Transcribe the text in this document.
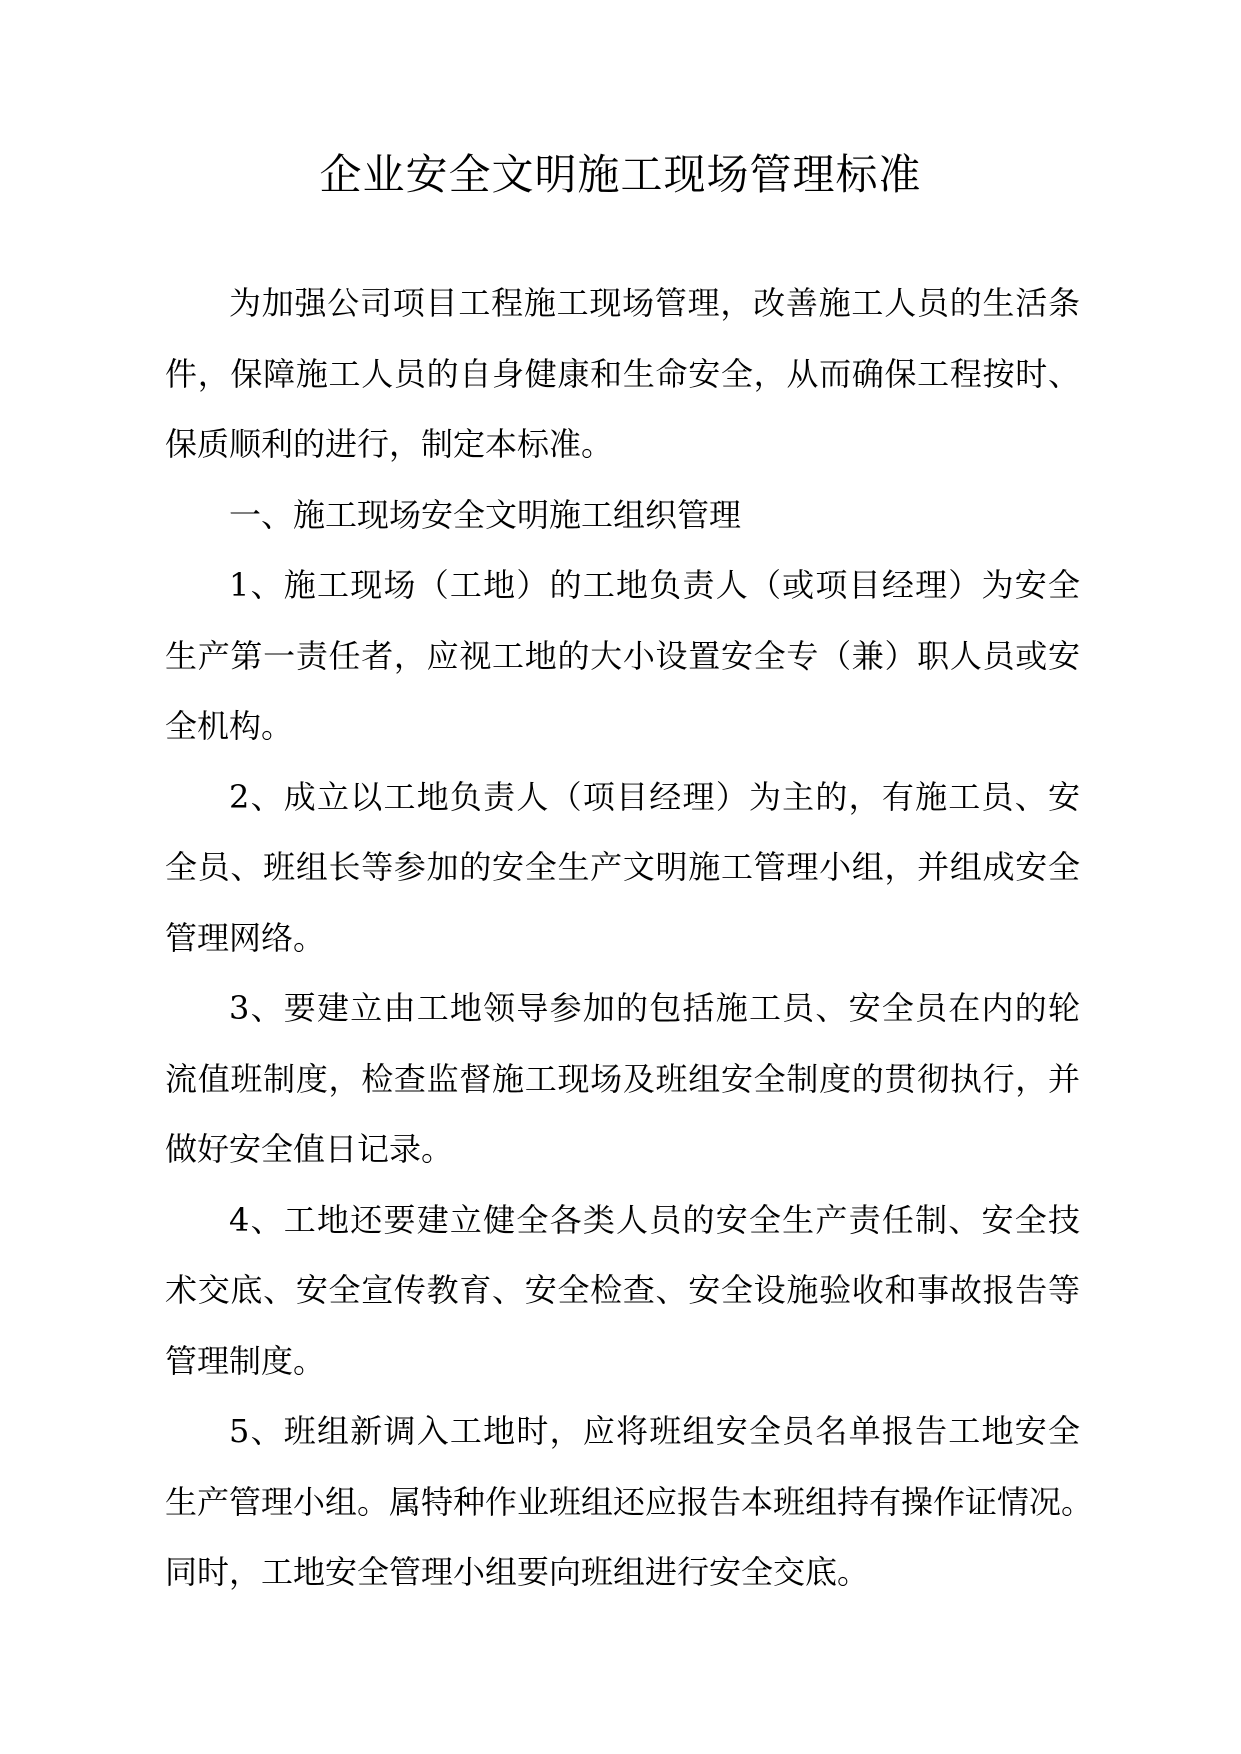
企业安全文明施工现场管理标准
为加强公司项目工程施工现场管理，改善施工人员的生活条
件，保障施工人员的自身健康和生命安全，从而确保工程按时、
保质顺利的进行，制定本标准。
一、施工现场安全文明施工组织管理
1、施工现场（工地）的工地负责人（或项目经理）为安全
生产第一责任者，应视工地的大小设置安全专（兼）职人员或安
全机构。
2、成立以工地负责人（项目经理）为主的，有施工员、安
全员、班组长等参加的安全生产文明施工管理小组，并组成安全
管理网络。
3、要建立由工地领导参加的包括施工员、安全员在内的轮
流值班制度，检查监督施工现场及班组安全制度的贯彻执行，并
做好安全值日记录。
4、工地还要建立健全各类人员的安全生产责任制、安全技
术交底、安全宣传教育、安全检查、安全设施验收和事故报告等
管理制度。
5、班组新调入工地时，应将班组安全员名单报告工地安全
生产管理小组。属特种作业班组还应报告本班组持有操作证情况。
同时，工地安全管理小组要向班组进行安全交底。
